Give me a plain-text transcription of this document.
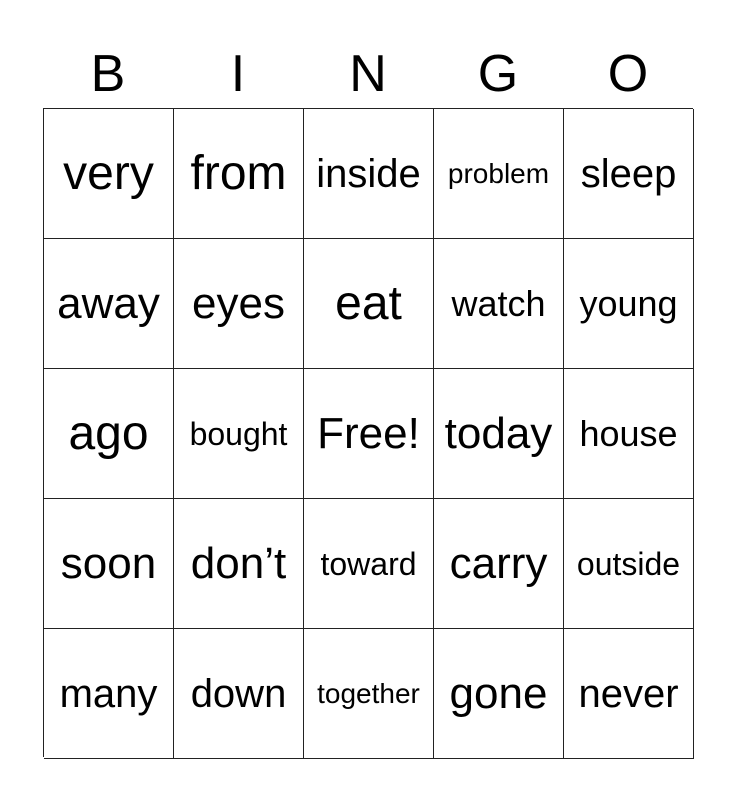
B	I	N	G	O
very from inside problem sleep
away eyes	eat	watch young
ago	bought Free! today house
soon don’t	toward carry outside
many down	together gone never
